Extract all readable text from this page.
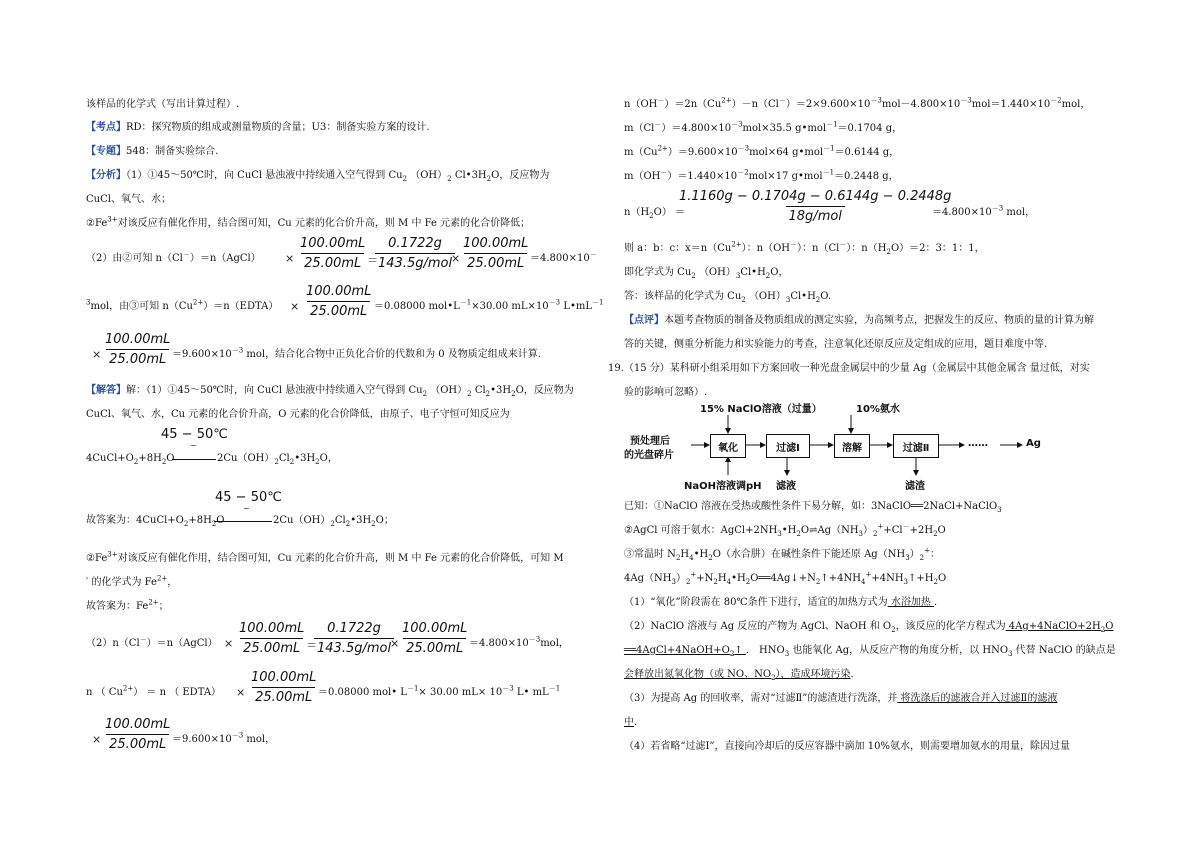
该样品的化学式（写出计算过程）.
【考点】RD：探究物质的组成或测量物质的含量；U3：制备实验方案的设计.
【专题】548：制备实验综合.
【分析】（1）①45～50℃时，向 CuCl 悬浊液中持续通入空气得到 $Cu_2$ $(OH)_2$ $Cl•3H_2O$，反应物为
CuCl、氧气、水；
$②Fe^{3+}$对该反应有催化作用，结合图可知，Cu 元素的化合价升高，则 M 中 Fe 元素的化合价降低；
（2）由②可知 n（Cl－）＝n（AgCl） × $\frac{100.00mL}{25.00mL}$
＝
0.1722g
143.5g/mol
× $\frac{100.00mL}{25.00mL}$
＝4.800×10－
$^3$mol，由③可知 $n(Cu^{2+})=n(EDTA) \times \frac{100.00mL}{25.00mL} =0.08000$ $mol•L^{-1}\times 30.00$ $mL\times 10^{-3}$ $L•mL^{-1}$
× $\frac{100.00mL}{25.00mL}$
$=9.600\times 10^{-3}$ mol，结合化合物中正负化合价的代数和为 0 及物质定组成来计算.
【解答】解：（1）①45～50℃时，向 CuCl 悬浊液中持续通入空气得到 $Cu_2$ $(OH)_2$ $Cl_2•3H_2O$，反应物为
CuCl、氧气、水，Cu 元素的化合价升高，O 元素的化合价降低，由原子、电子守恒可知反应为
45 − 50℃
~
$4CuCl+O_2+8H_2O$	$2Cu(OH)_2Cl_2•3H_2O$，
45 − 50℃
~
故答案为：$4CuCl+O_2+8H_2O$	$2Cu(OH)_2Cl_2•3H_2O$；
$②Fe^{3+}$对该反应有催化作用，结合图可知，Cu 元素的化合价升高，则 M 中 Fe 元素的化合价降低，可知 M
′ 的化学式为 $Fe^{2+}$，
故答案为：$Fe^{2+}$；
（2）n（Cl－）＝n（AgCl） × $\frac{100.00mL}{25.00mL}$
＝
0.1722g
143.5g/mol
× $\frac{100.00mL}{25.00mL}$
$=4.800\times 10^{-3}mol$，
n （ $Cu^{2+}) = n$ （ EDTA） × $\frac{100.00mL}{25.00mL}$
＝0.08000 mol• $L^{-1}\times 30.00$ $mL\times 10^{-3}$ L• $mL^{-1}$
× $\frac{100.00mL}{25.00mL}$
$=9.600\times 10^{-3}$ mol，
$n(OH^-)=2n(Cu^{2+})-n(Cl^-)=2\times 9.600\times 10^{-3}mol-4.800\times 10^{-3}mol=1.440\times 10^{-2}mol$，
$m(Cl^-)=4.800\times 10^{-3}mol\times 35.5$ g•mol$^{-1}$＝0.1704 g，
$m(Cu^{2+})=9.600\times 10^{-3}mol\times 64$ g•mol$^{-1}$＝0.6144 g，
$m(OH^-)=1.440\times 10^{-2}mol\times 17$ g•mol$^{-1}$＝0.2448 g，
$n(H_2O)$ ＝
1.1160g − 0.1704g − 0.6144g − 0.2448g
18g/mol	$=4.800\times 10^{-3}$ mol，
则 a：b：c：$x=n(Cu^{2+})$：n（OH－）：n（Cl－）：$n(H_2O)=2$：3：1：1，
即化学式为 $Cu_2$ $(OH)_3Cl•H_2O$，
答：该样品的化学式为 $Cu_2$ $(OH)_3Cl•H_2O$.
【点评】本题考查物质的制备及物质组成的测定实验，为高频考点，把握发生的反应、物质的量的计算为解
答的关键，侧重分析能力和实验能力的考查，注意氧化还原反应及定组成的应用，题目难度中等.
19.（15 分）某科研小组采用如下方案回收一种光盘金属层中的少量 Ag（金属层中其他金属含 量过低，对实
验的影响可忽略）.
15% NaClO溶液（过量）	10%氨水
预处理后
的光盘碎片
氧化	过滤Ⅰ	溶解	过滤Ⅱ	……	Ag
NaOH溶液调pH 滤液	滤渣
已知：①NaClO 溶液在受热或酸性条件下易分解，如：3NaClO══2NaCl+NaClO$_3$
②AgCl 可溶于氨水：$AgCl+2NH_3•H_2O\rightleftharpoons Ag(NH_3)_2^++Cl^-+2H_2O$
③常温时 $N_2H_4•H_2O$（水合肼）在碱性条件下能还原 $Ag(NH_3)_2^+$：
$4Ag(NH_3)_2^++N_2H_4•H_2O══4Ag↓+N_2↑+4NH_4^++4NH_3↑+H_2O$
（1）“氧化”阶段需在 80℃条件下进行，适宜的加热方式为 水浴加热 ．
（2）NaClO 溶液与 Ag 反应的产物为 AgCl、NaOH 和 $O_2$，该反应的化学方程式为 $4Ag+4NaClO+2H_2O$
$══4AgCl+4NaOH+O_2↑$ ． $HNO_3$ 也能氧化 Ag，从反应产物的角度分析，以 $HNO_3$ 代替 NaClO 的缺点是
会释放出氮氧化物（或 NO、$NO_2$），造成环境污染．
（3）为提高 Ag 的回收率，需对“过滤Ⅱ”的滤渣进行洗涤，并 将洗涤后的滤液合并入过滤Ⅱ的滤液
中．
（4）若省略“过滤Ⅰ”，直接向冷却后的反应容器中滴加 10%氨水，则需要增加氨水的用量，除因过量
